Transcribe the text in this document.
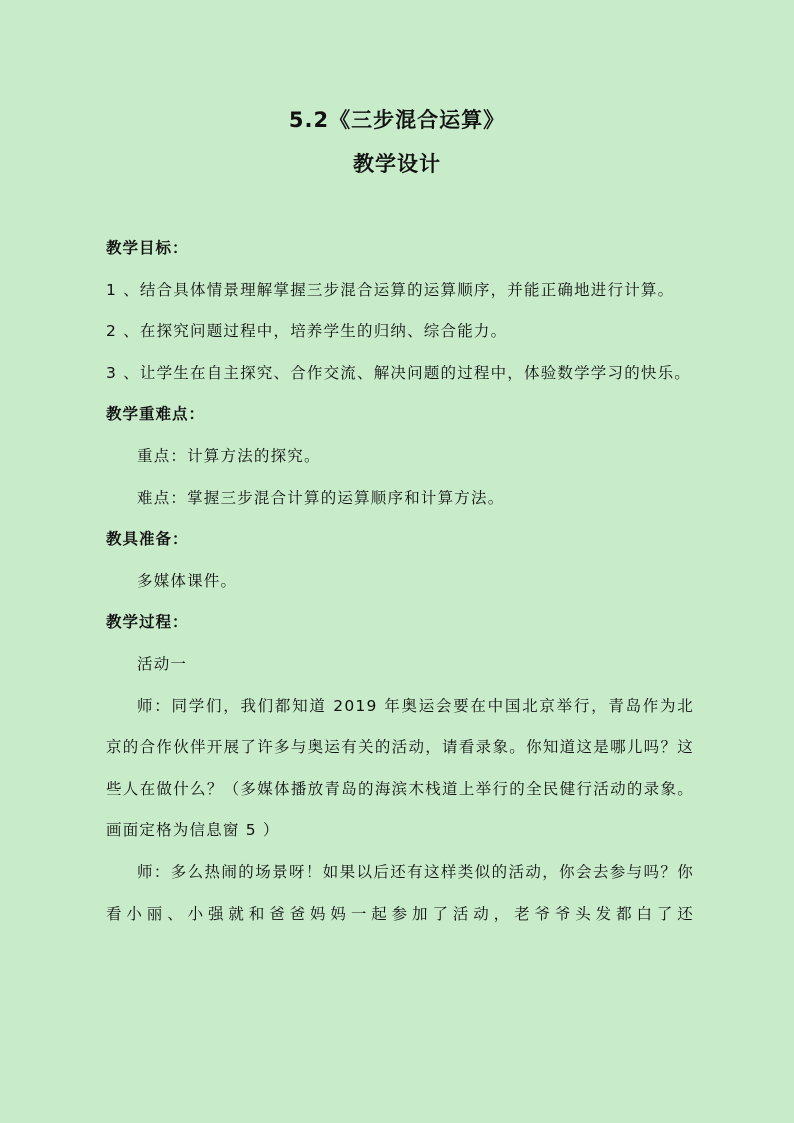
5.2《三步混合运算》
教学设计
教学目标：

1 、结合具体情景理解掌握三步混合运算的运算顺序，并能正确地进行计算。

2 、在探究问题过程中，培养学生的归纳、综合能力。

3 、让学生在自主探究、合作交流、解决问题的过程中，体验数学学习的快乐。

教学重难点：

重点：计算方法的探究。

难点：掌握三步混合计算的运算顺序和计算方法。

教具准备：

多媒体课件。

教学过程：

活动一

师：同学们，我们都知道 2019 年奥运会要在中国北京举行，青岛作为北京的合作伙伴开展了许多与奥运有关的活动，请看录象。你知道这是哪儿吗？这些人在做什么？（多媒体播放青岛的海滨木栈道上举行的全民健行活动的录象。画面定格为信息窗 5 ）

师：多么热闹的场景呀！如果以后还有这样类似的活动，你会去参与吗？你看小丽、小强就和爸爸妈妈一起参加了活动，老爷爷头发都白了还
